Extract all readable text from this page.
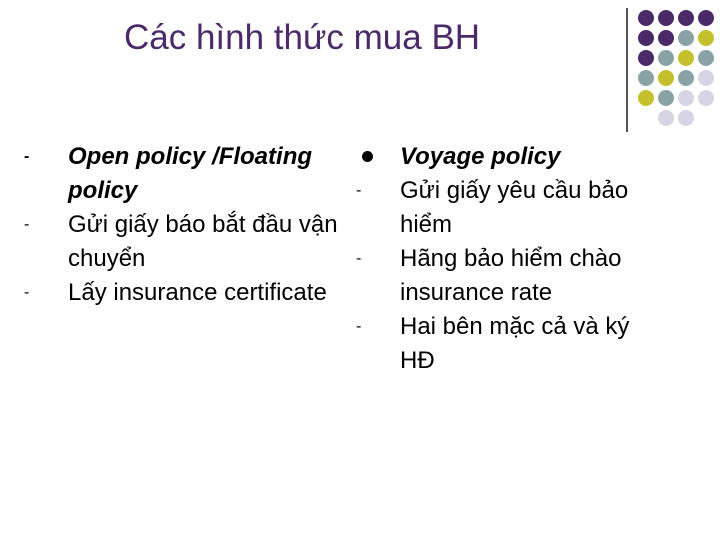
Các hình thức mua BH
-	Open policy /Floating policy
-	Gửi giấy báo bắt đầu vận chuyển
-	Lấy insurance certificate
Voyage policy
-	Gửi giấy yêu cầu bảo hiểm
-	Hãng bảo hiểm chào insurance rate
-	Hai bên mặc cả và ký HĐ
